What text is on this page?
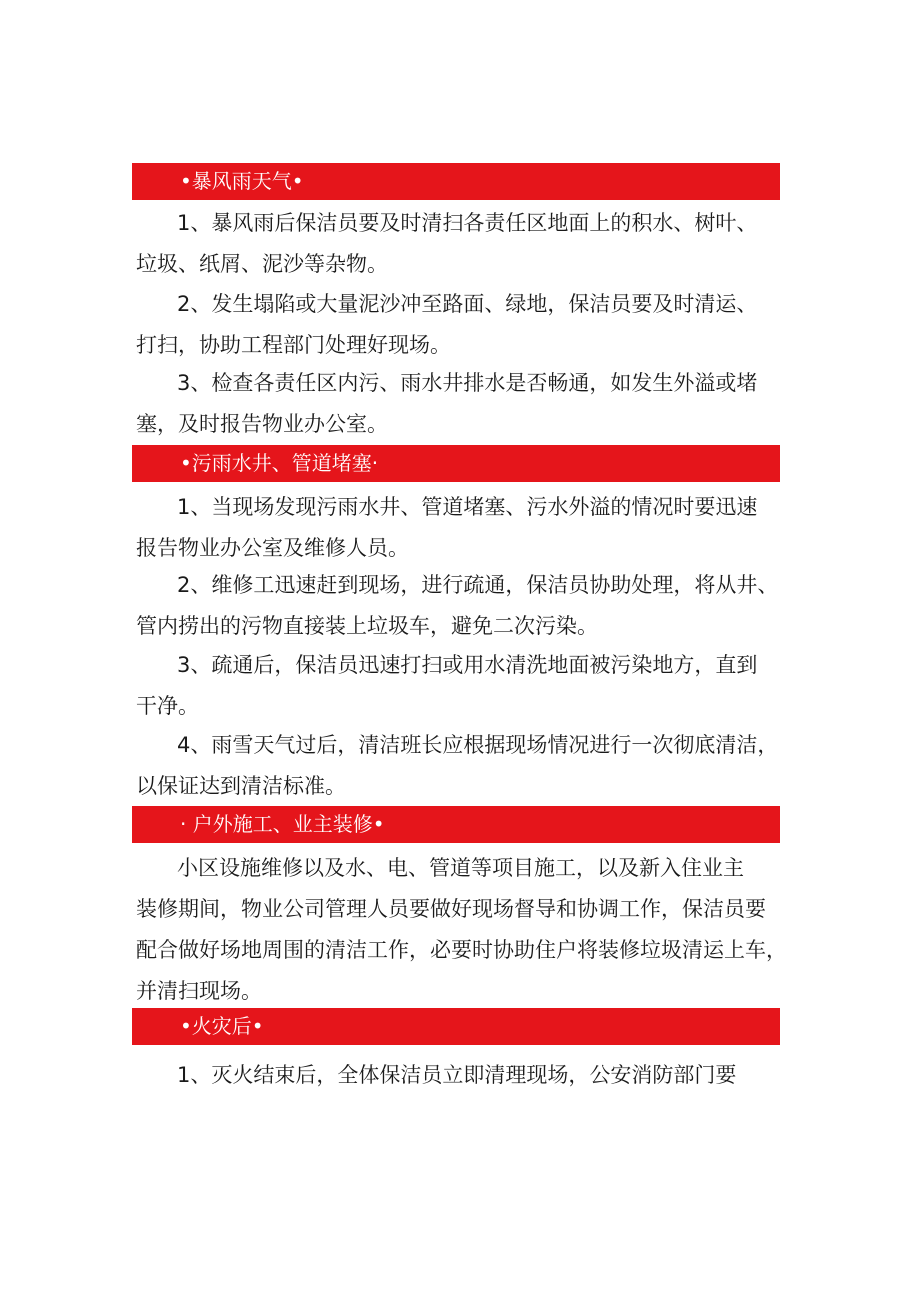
•暴风雨天气•
1、暴风雨后保洁员要及时清扫各责任区地面上的积水、树叶、
垃圾、纸屑、泥沙等杂物。
2、发生塌陷或大量泥沙冲至路面、绿地，保洁员要及时清运、
打扫，协助工程部门处理好现场。
3、检查各责任区内污、雨水井排水是否畅通，如发生外溢或堵
塞，及时报告物业办公室。
•污雨水井、管道堵塞·
1、当现场发现污雨水井、管道堵塞、污水外溢的情况时要迅速
报告物业办公室及维修人员。
2、维修工迅速赶到现场，进行疏通，保洁员协助处理，将从井、
管内捞出的污物直接装上垃圾车，避免二次污染。
3、疏通后，保洁员迅速打扫或用水清洗地面被污染地方，直到
干净。
4、雨雪天气过后，清洁班长应根据现场情况进行一次彻底清洁，
以保证达到清洁标准。
· 户外施工、业主装修•
小区设施维修以及水、电、管道等项目施工，以及新入住业主
装修期间，物业公司管理人员要做好现场督导和协调工作，保洁员要
配合做好场地周围的清洁工作，必要时协助住户将装修垃圾清运上车，
并清扫现场。
•火灾后•
1、灭火结束后，全体保洁员立即清理现场，公安消防部门要
